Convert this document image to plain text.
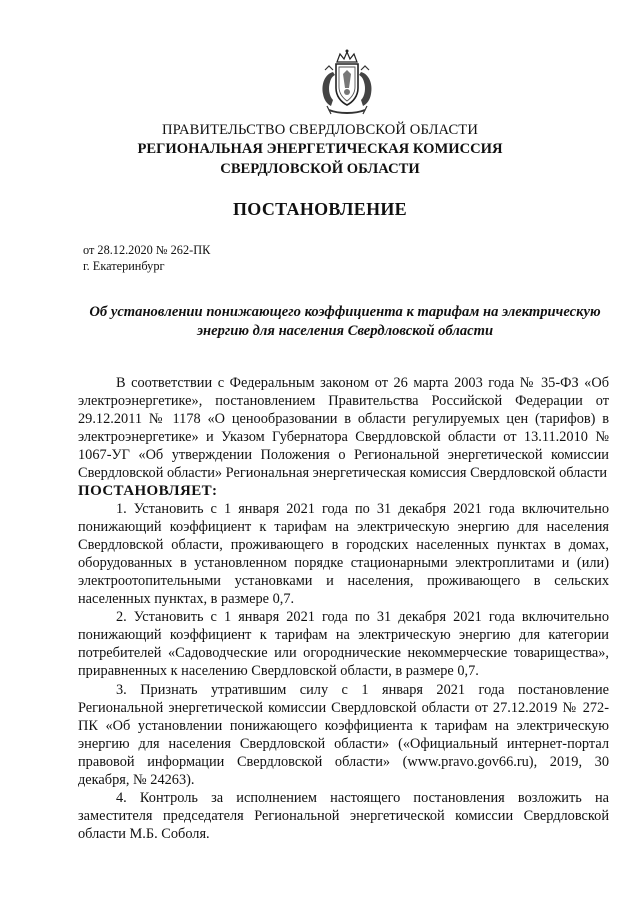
ПРАВИТЕЛЬСТВО СВЕРДЛОВСКОЙ ОБЛАСТИ
РЕГИОНАЛЬНАЯ ЭНЕРГЕТИЧЕСКАЯ КОМИССИЯ
СВЕРДЛОВСКОЙ ОБЛАСТИ
ПОСТАНОВЛЕНИЕ
от 28.12.2020 № 262-ПК
г. Екатеринбург
Об установлении понижающего коэффициента к тарифам на электрическую энергию для населения Свердловской области

В соответствии с Федеральным законом от 26 марта 2003 года № 35-ФЗ «Об электроэнергетике», постановлением Правительства Российской Федерации от 29.12.2011 № 1178 «О ценообразовании в области регулируемых цен (тарифов) в электроэнергетике» и Указом Губернатора Свердловской области от 13.11.2010 № 1067-УГ «Об утверждении Положения о Региональной энергетической комиссии Свердловской области» Региональная энергетическая комиссия Свердловской области

ПОСТАНОВЛЯЕТ:

1. Установить с 1 января 2021 года по 31 декабря 2021 года включительно понижающий коэффициент к тарифам на электрическую энергию для населения Свердловской области, проживающего в городских населенных пунктах в домах, оборудованных в установленном порядке стационарными электроплитами и (или) электроотопительными установками и населения, проживающего в сельских населенных пунктах, в размере 0,7.

2. Установить с 1 января 2021 года по 31 декабря 2021 года включительно понижающий коэффициент к тарифам на электрическую энергию для категории потребителей «Садоводческие или огороднические некоммерческие товарищества», приравненных к населению Свердловской области, в размере 0,7.

3. Признать утратившим силу с 1 января 2021 года постановление Региональной энергетической комиссии Свердловской области от 27.12.2019 № 272-ПК «Об установлении понижающего коэффициента к тарифам на электрическую энергию для населения Свердловской области» («Официальный интернет-портал правовой информации Свердловской области» (www.pravo.gov66.ru), 2019, 30 декабря, № 24263).

4. Контроль за исполнением настоящего постановления возложить на заместителя председателя Региональной энергетической комиссии Свердловской области М.Б. Соболя.
